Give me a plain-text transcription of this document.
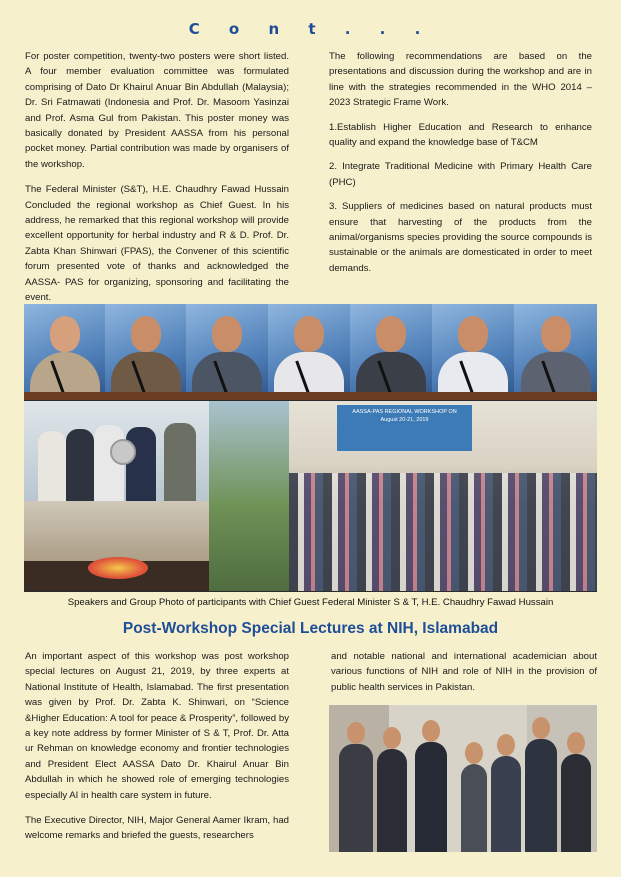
C o n t . . .

For poster competition, twenty-two posters were short listed. A four member evaluation committee was formulated comprising of Dato Dr Khairul Anuar Bin Abdullah (Malaysia); Dr. Sri Fatmawati (Indonesia and Prof. Dr. Masoom Yasinzai and Prof. Asma Gul from Pakistan. This poster money was basically donated by President AASSA from his personal pocket money. Partial contribution was made by organisers of the workshop.

The Federal Minister (S&T), H.E. Chaudhry Fawad Hussain Concluded the regional workshop as Chief Guest. In his address, he remarked that this regional workshop will provide excellent opportunity for herbal industry and R & D. Prof. Dr. Zabta Khan Shinwari (FPAS), the Convener of this scientific forum presented vote of thanks and acknowledged the AASSA- PAS for organizing, sponsoring and facilitating the event.

The following recommendations are based on the presentations and discussion during the workshop and are in line with the strategies recommended in the WHO 2014 – 2023 Strategic Frame Work.

1.Establish Higher Education and Research to enhance quality and expand the knowledge base of T&CM

2. Integrate Traditional Medicine with Primary Health Care (PHC)

3. Suppliers of medicines based on natural products must ensure that harvesting of the products from the animal/organisms species providing the source compounds is sustainable or the animals are domesticated in order to meet demands.

AASSA-PAS REGIONAL WORKSHOP ON
August 20-21, 2019
Speakers and Group Photo of participants with Chief Guest Federal Minister S & T, H.E. Chaudhry Fawad Hussain
Post-Workshop Special Lectures at NIH, Islamabad

An important aspect of this workshop was post workshop special lectures on August 21, 2019, by three experts at National Institute of Health, Islamabad. The first presentation was given by Prof. Dr. Zabta K. Shinwari, on “Science &Higher Education: A tool for peace & Prosperity”, followed by a key note address by former Minister of S & T, Prof. Dr. Atta ur Rehman on knowledge economy and frontier technologies and President Elect AASSA Dato Dr. Khairul Anuar Bin Abdullah in which he showed role of emerging technologies especially AI in health care system in future.

The Executive Director, NIH, Major General Aamer Ikram, had welcome remarks and briefed the guests, researchers

and notable national and international academician about various functions of NIH and role of NIH in the provision of public health services in Pakistan.
